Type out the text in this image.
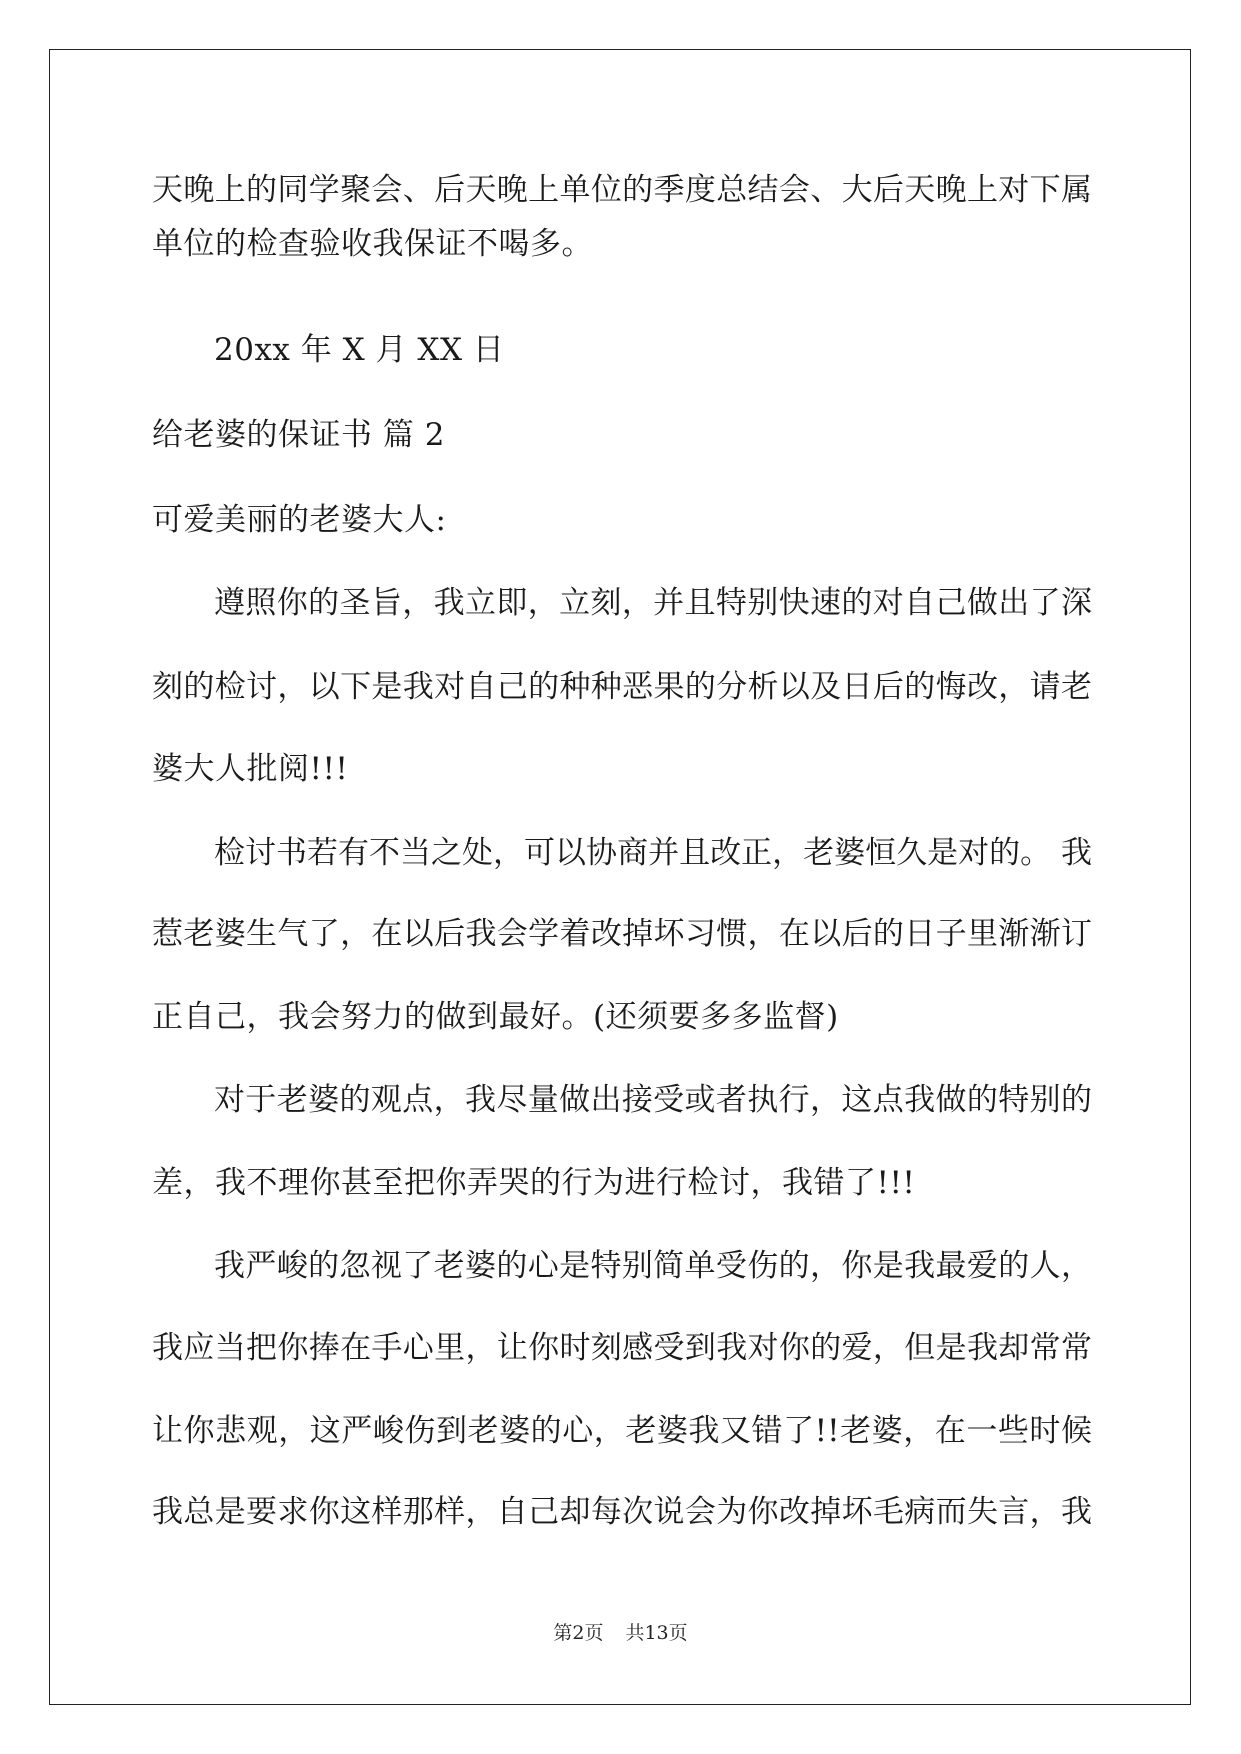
天晚上的同学聚会、后天晚上单位的季度总结会、大后天晚上对下属
单位的检查验收我保证不喝多。
20xx 年 X 月 XX 日
给老婆的保证书 篇 2
可爱美丽的老婆大人:
遵照你的圣旨，我立即，立刻，并且特别快速的对自己做出了深
刻的检讨，以下是我对自己的种种恶果的分析以及日后的悔改，请老
婆大人批阅!!!
检讨书若有不当之处，可以协商并且改正，老婆恒久是对的。 我
惹老婆生气了，在以后我会学着改掉坏习惯，在以后的日子里渐渐订
正自己，我会努力的做到最好。(还须要多多监督)
对于老婆的观点，我尽量做出接受或者执行，这点我做的特别的
差，我不理你甚至把你弄哭的行为进行检讨，我错了!!!
我严峻的忽视了老婆的心是特别简单受伤的，你是我最爱的人，
我应当把你捧在手心里，让你时刻感受到我对你的爱，但是我却常常
让你悲观，这严峻伤到老婆的心，老婆我又错了!!老婆，在一些时候
我总是要求你这样那样，自己却每次说会为你改掉坏毛病而失言，我
第2页 共13页
